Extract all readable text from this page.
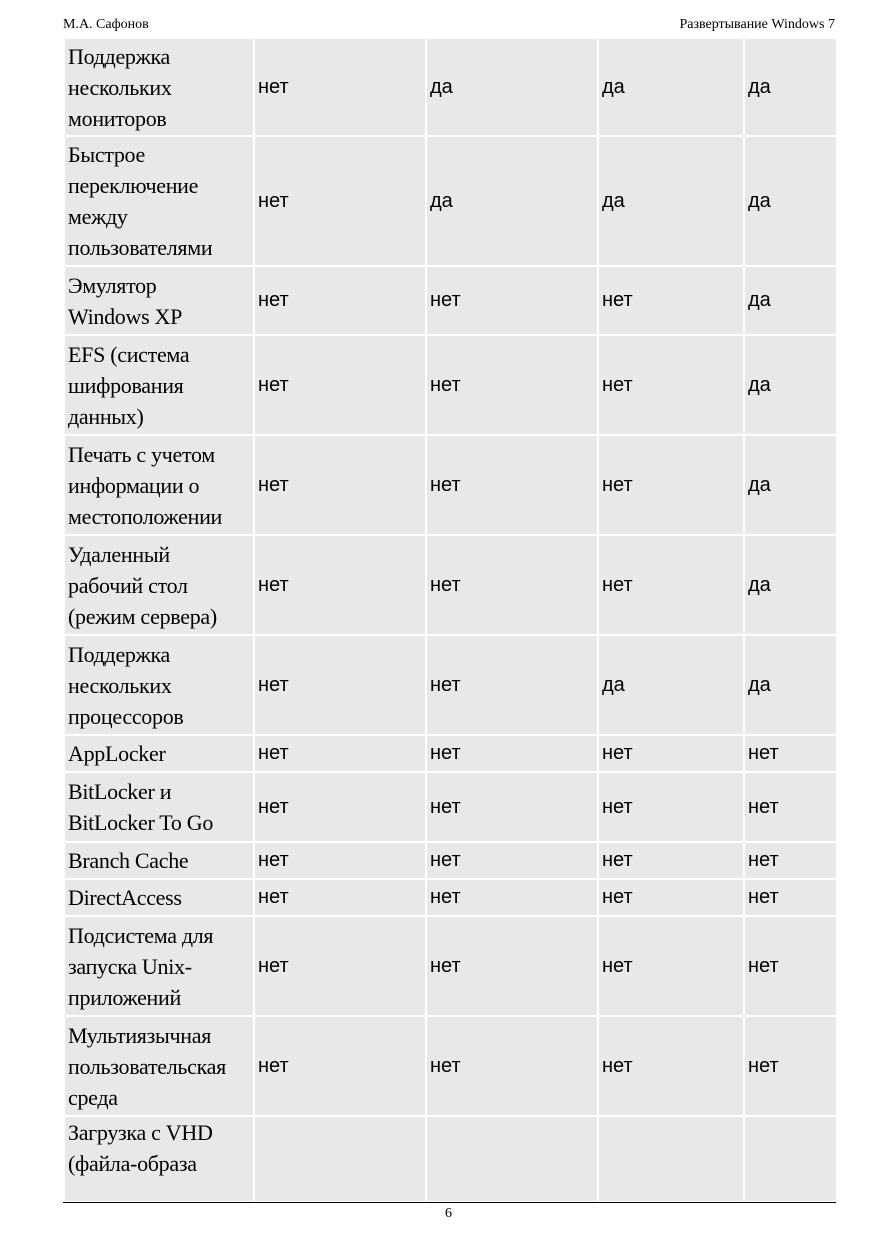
М.А. Сафонов	Развертывание Windows 7
Поддержка
нескольких
мониторов	нет	да	да	да
Быстрое
переключение
между
пользователями	нет	да	да	да
Эмулятор
Windows XP	нет	нет	нет	да
EFS (система
шифрования
данных)	нет	нет	нет	да
Печать с учетом
информации о
местоположении	нет	нет	нет	да
Удаленный
рабочий стол
(режим сервера)	нет	нет	нет	да
Поддержка
нескольких
процессоров	нет	нет	да	да
AppLocker	нет	нет	нет	нет
BitLocker и
BitLocker To Go	нет	нет	нет	нет
Branch Cache	нет	нет	нет	нет
DirectAccess	нет	нет	нет	нет
Подсистема для
запуска Unix-
приложений	нет	нет	нет	нет
Мультиязычная
пользовательская
среда	нет	нет	нет	нет
Загрузка с VHD
(файла-образа				
6
